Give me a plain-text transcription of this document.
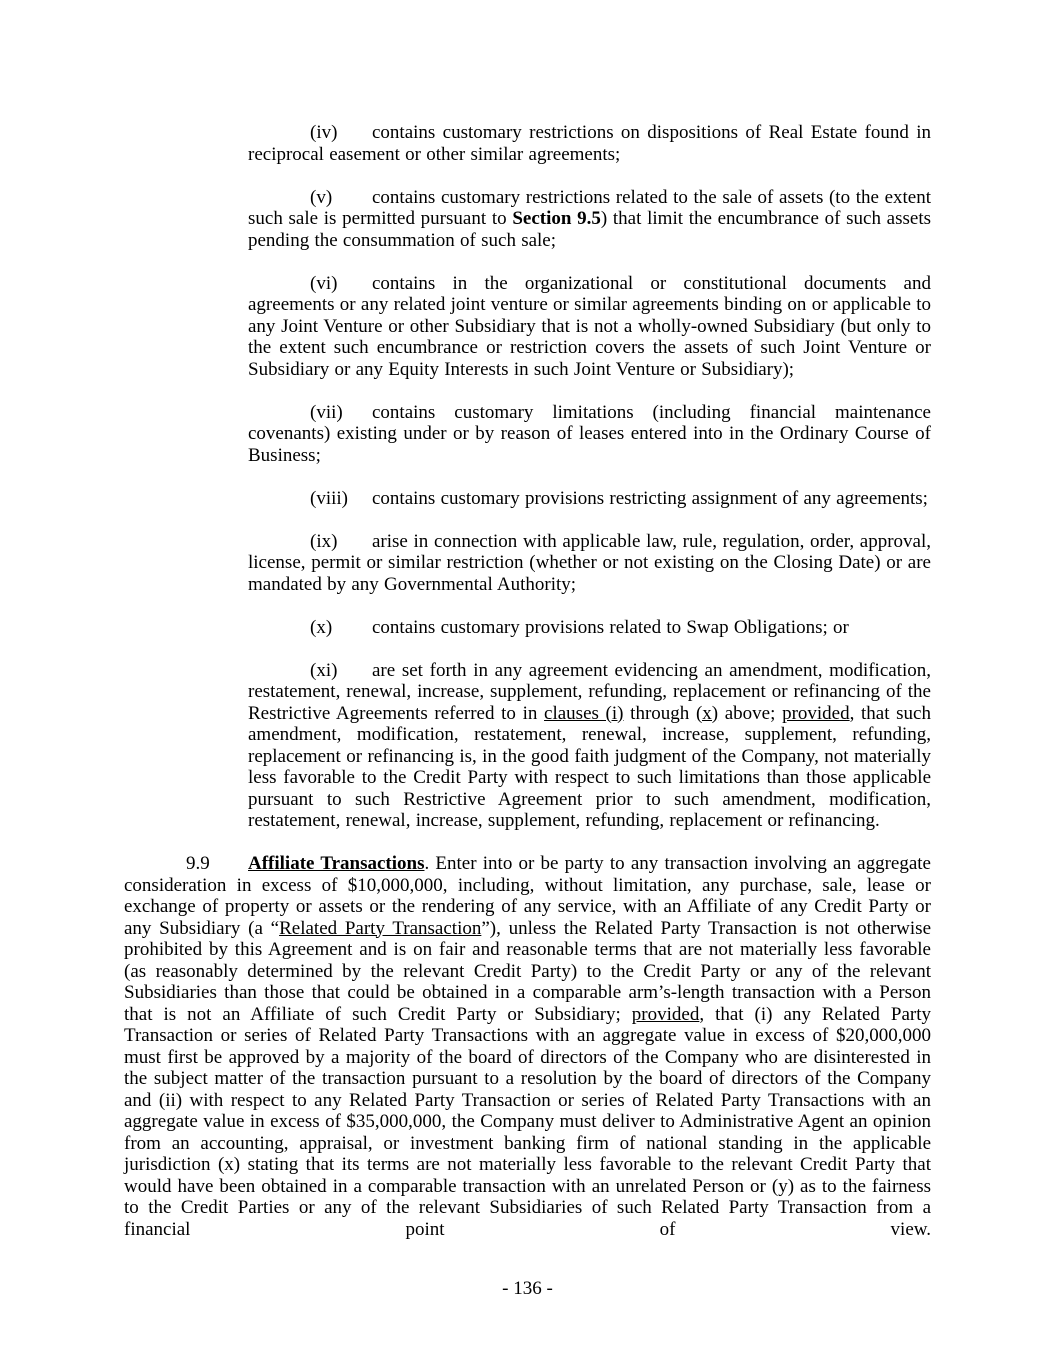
(iv) contains customary restrictions on dispositions of Real Estate found in reciprocal easement or other similar agreements;

(v) contains customary restrictions related to the sale of assets (to the extent such sale is permitted pursuant to Section 9.5) that limit the encumbrance of such assets pending the consummation of such sale;

(vi) contains in the organizational or constitutional documents and agreements or any related joint venture or similar agreements binding on or applicable to any Joint Venture or other Subsidiary that is not a wholly-owned Subsidiary (but only to the extent such encumbrance or restriction covers the assets of such Joint Venture or Subsidiary or any Equity Interests in such Joint Venture or Subsidiary);

(vii) contains customary limitations (including financial maintenance covenants) existing under or by reason of leases entered into in the Ordinary Course of Business;

(viii) contains customary provisions restricting assignment of any agreements;

(ix) arise in connection with applicable law, rule, regulation, order, approval, license, permit or similar restriction (whether or not existing on the Closing Date) or are mandated by any Governmental Authority;

(x) contains customary provisions related to Swap Obligations; or

(xi) are set forth in any agreement evidencing an amendment, modification, restatement, renewal, increase, supplement, refunding, replacement or refinancing of the Restrictive Agreements referred to in clauses (i) through (x) above; provided, that such amendment, modification, restatement, renewal, increase, supplement, refunding, replacement or refinancing is, in the good faith judgment of the Company, not materially less favorable to the Credit Party with respect to such limitations than those applicable pursuant to such Restrictive Agreement prior to such amendment, modification, restatement, renewal, increase, supplement, refunding, replacement or refinancing.

9.9 Affiliate Transactions. Enter into or be party to any transaction involving an aggregate consideration in excess of $10,000,000, including, without limitation, any purchase, sale, lease or exchange of property or assets or the rendering of any service, with an Affiliate of any Credit Party or any Subsidiary (a “Related Party Transaction”), unless the Related Party Transaction is not otherwise prohibited by this Agreement and is on fair and reasonable terms that are not materially less favorable (as reasonably determined by the relevant Credit Party) to the Credit Party or any of the relevant Subsidiaries than those that could be obtained in a comparable arm’s-length transaction with a Person that is not an Affiliate of such Credit Party or Subsidiary; provided, that (i) any Related Party Transaction or series of Related Party Transactions with an aggregate value in excess of $20,000,000 must first be approved by a majority of the board of directors of the Company who are disinterested in the subject matter of the transaction pursuant to a resolution by the board of directors of the Company and (ii) with respect to any Related Party Transaction or series of Related Party Transactions with an aggregate value in excess of $35,000,000, the Company must deliver to Administrative Agent an opinion from an accounting, appraisal, or investment banking firm of national standing in the applicable jurisdiction (x) stating that its terms are not materially less favorable to the relevant Credit Party that would have been obtained in a comparable transaction with an unrelated Person or (y) as to the fairness to the Credit Parties or any of the relevant Subsidiaries of such Related Party Transaction from a financial point of view.

- 136 -
